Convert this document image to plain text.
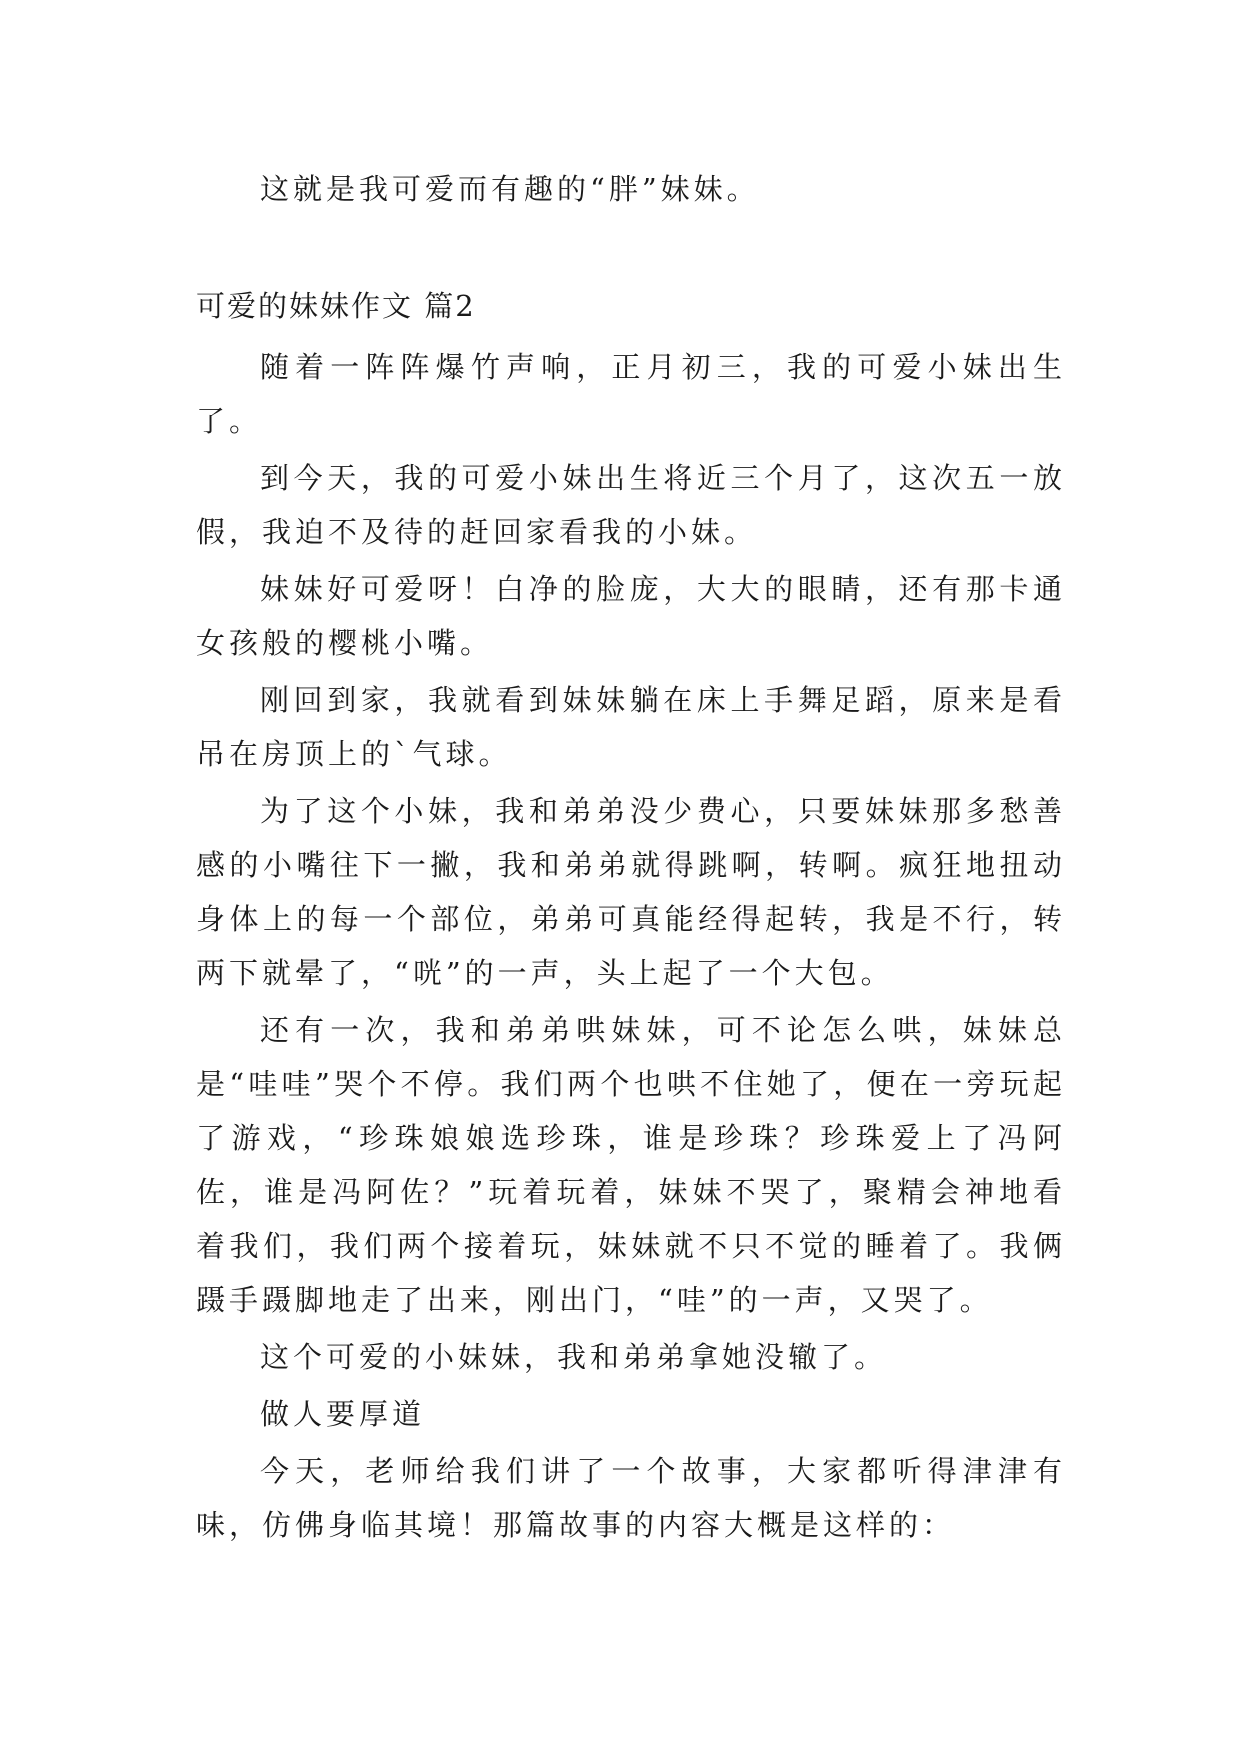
这就是我可爱而有趣的“胖”妹妹。

可爱的妹妹作文 篇2

随着一阵阵爆竹声响，正月初三，我的可爱小妹出生了。

到今天，我的可爱小妹出生将近三个月了，这次五一放假，我迫不及待的赶回家看我的小妹。

妹妹好可爱呀！白净的脸庞，大大的眼睛，还有那卡通女孩般的樱桃小嘴。

刚回到家，我就看到妹妹躺在床上手舞足蹈，原来是看吊在房顶上的`气球。

为了这个小妹，我和弟弟没少费心，只要妹妹那多愁善感的小嘴往下一撇，我和弟弟就得跳啊，转啊。疯狂地扭动身体上的每一个部位，弟弟可真能经得起转，我是不行，转两下就晕了，“咣”的一声，头上起了一个大包。

还有一次，我和弟弟哄妹妹，可不论怎么哄，妹妹总是“哇哇”哭个不停。我们两个也哄不住她了，便在一旁玩起了游戏，“珍珠娘娘选珍珠，谁是珍珠？珍珠爱上了冯阿佐，谁是冯阿佐？”玩着玩着，妹妹不哭了，聚精会神地看着我们，我们两个接着玩，妹妹就不只不觉的睡着了。我俩蹑手蹑脚地走了出来，刚出门，“哇”的一声，又哭了。

这个可爱的小妹妹，我和弟弟拿她没辙了。

做人要厚道

今天，老师给我们讲了一个故事，大家都听得津津有味，仿佛身临其境！那篇故事的内容大概是这样的：
